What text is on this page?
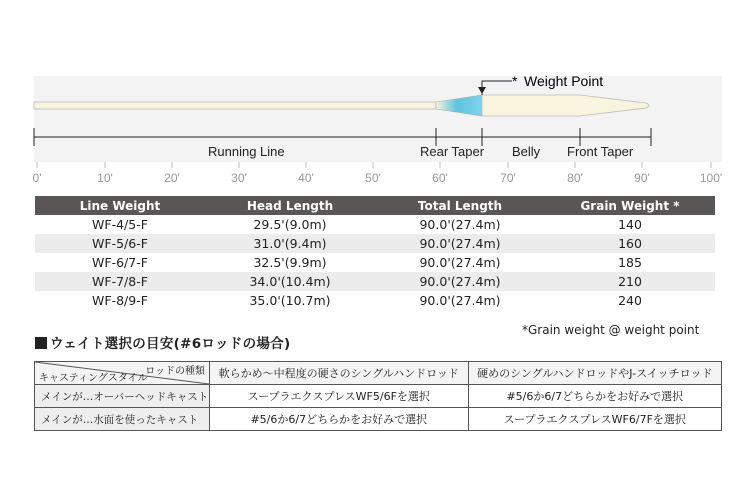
* Weight Point
Running Line	Rear Taper Belly Front Taper
0'	10'	20'	30'	40'	50'	60'	70'	80'	90'	100'
Line Weight	Head Length	Total Length	Grain Weight *
WF-4/5-F	29.5'(9.0m)	90.0'(27.4m)	140
WF-5/6-F	31.0'(9.4m)	90.0'(27.4m)	160
WF-6/7-F	32.5'(9.9m)	90.0'(27.4m)	185
WF-7/8-F	34.0'(10.4m)	90.0'(27.4m)	210
WF-8/9-F	35.0'(10.7m)	90.0'(27.4m)	240
*Grain weight @ weight point
ウェイト選択の目安(#6ロッドの場合)
ロッドの種類
キャスティングスタイル	軟らかめ〜中程度の硬さのシングルハンドロッド	硬めのシングルハンドロッドやJ-スイッチロッド
メインが…オーバーヘッドキャスト	スープラエクスプレスWF5/6Fを選択	#5/6か6/7どちらかをお好みで選択
メインが…水面を使ったキャスト	#5/6か6/7どちらかをお好みで選択	スープラエクスプレスWF6/7Fを選択
